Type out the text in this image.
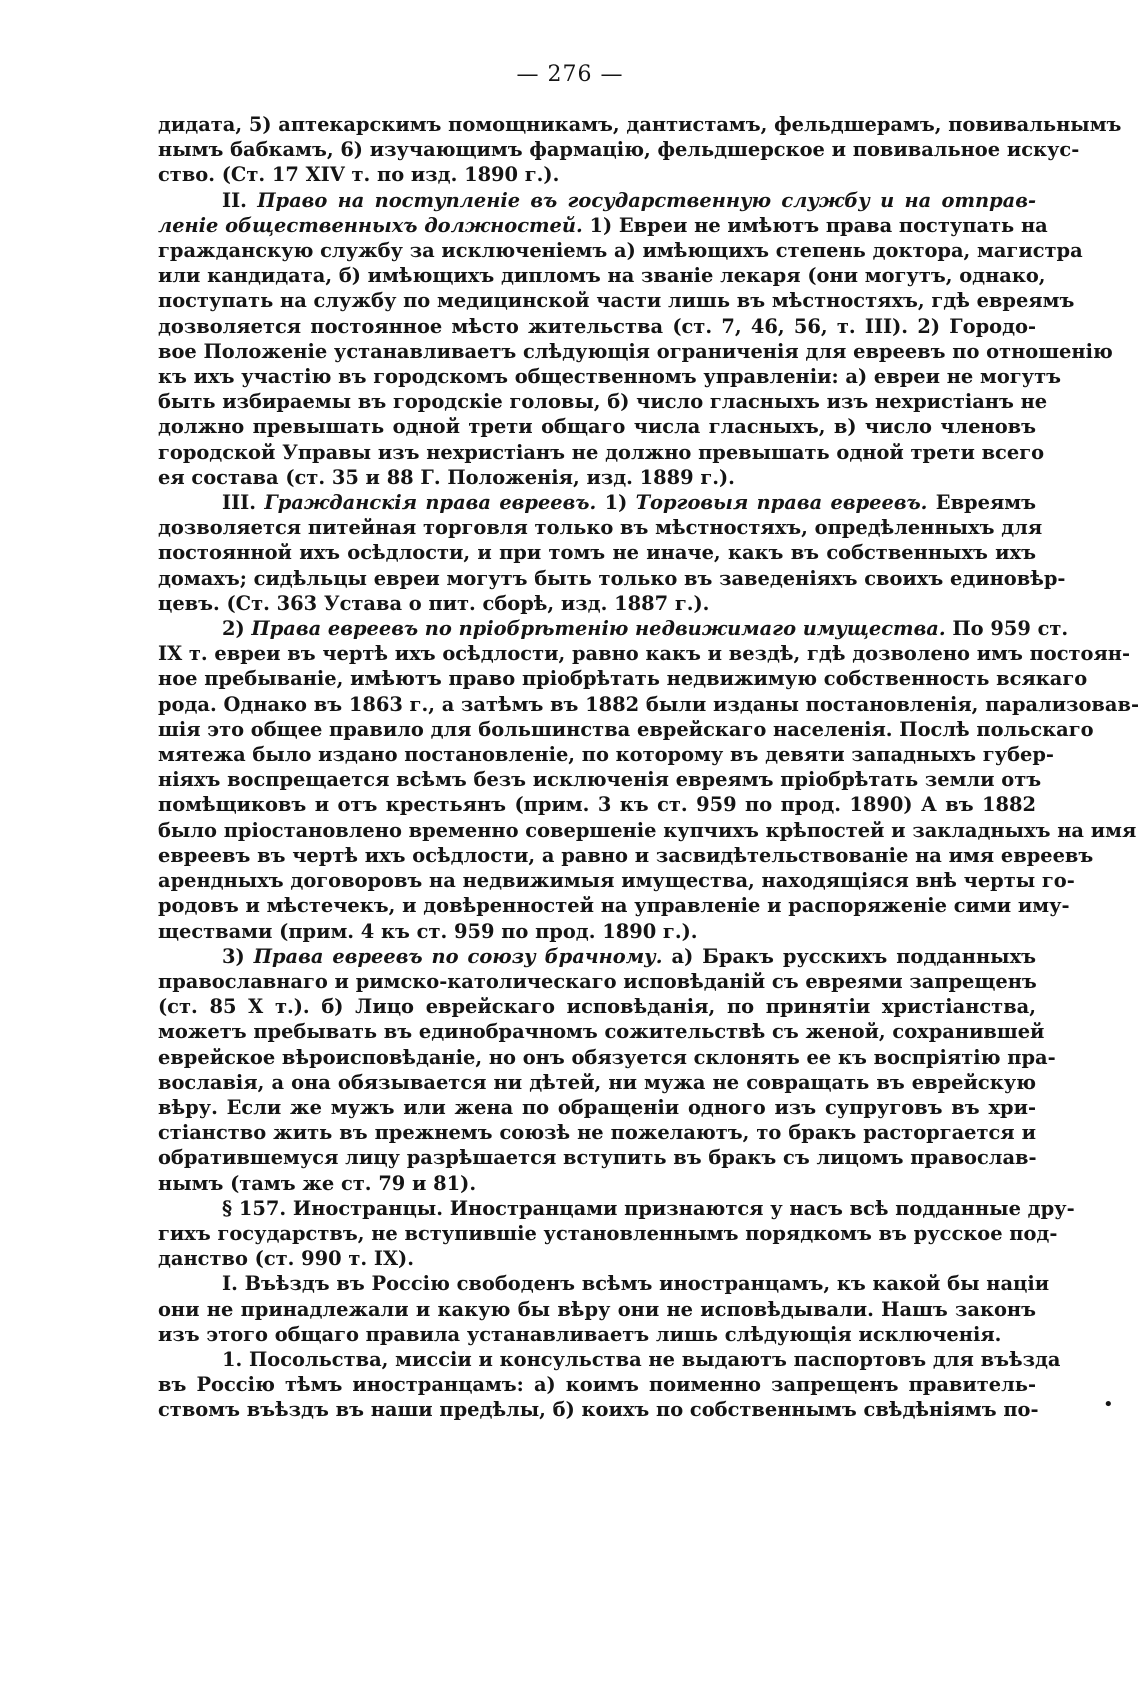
— 276 —
дидата, 5) аптекарскимъ помощникамъ, дантистамъ, фельдшерамъ, повивальнымъ
нымъ бабкамъ, 6) изучающимъ фармацію, фельдшерское и повивальное искус-
ство. (Ст. 17 XIV т. по изд. 1890 г.).
II. Право на поступленіе въ государственную службу и на отправ-
леніе общественныхъ должностей. 1) Евреи не имѣютъ права поступать на
гражданскую службу за исключеніемъ а) имѣющихъ степень доктора, магистра
или кандидата, б) имѣющихъ дипломъ на званіе лекаря (они могутъ, однако,
поступать на службу по медицинской части лишь въ мѣстностяхъ, гдѣ евреямъ
дозволяется постоянное мѣсто жительства (ст. 7, 46, 56, т. III). 2) Городо-
вое Положеніе устанавливаетъ слѣдующія ограниченія для евреевъ по отношенію
къ ихъ участію въ городскомъ общественномъ управленіи: а) евреи не могутъ
быть избираемы въ городскіе головы, б) число гласныхъ изъ нехристіанъ не
должно превышать одной трети общаго числа гласныхъ, в) число членовъ
городской Управы изъ нехристіанъ не должно превышать одной трети всего
ея состава (ст. 35 и 88 Г. Положенія, изд. 1889 г.).
III. Гражданскія права евреевъ. 1) Торговыя права евреевъ. Евреямъ
дозволяется питейная торговля только въ мѣстностяхъ, опредѣленныхъ для
постоянной ихъ осѣдлости, и при томъ не иначе, какъ въ собственныхъ ихъ
домахъ; сидѣльцы евреи могутъ быть только въ заведеніяхъ своихъ единовѣр-
цевъ. (Ст. 363 Устава о пит. сборѣ, изд. 1887 г.).
2) Права евреевъ по пріобрѣтенію недвижимаго имущества. По 959 ст.
IX т. евреи въ чертѣ ихъ осѣдлости, равно какъ и вездѣ, гдѣ дозволено имъ постоян-
ное пребываніе, имѣютъ право пріобрѣтать недвижимую собственность всякаго
рода. Однако въ 1863 г., а затѣмъ въ 1882 были изданы постановленія, парализовав-
шія это общее правило для большинства еврейскаго населенія. Послѣ польскаго
мятежа было издано постановленіе, по которому въ девяти западныхъ губер-
ніяхъ воспрещается всѣмъ безъ исключенія евреямъ пріобрѣтать земли отъ
помѣщиковъ и отъ крестьянъ (прим. 3 къ ст. 959 по прод. 1890) А въ 1882
было пріостановлено временно совершеніе купчихъ крѣпостей и закладныхъ на имя
евреевъ въ чертѣ ихъ осѣдлости, а равно и засвидѣтельствованіе на имя евреевъ
арендныхъ договоровъ на недвижимыя имущества, находящіяся внѣ черты го-
родовъ и мѣстечекъ, и довѣренностей на управленіе и распоряженіе сими иму-
ществами (прим. 4 къ ст. 959 по прод. 1890 г.).
3) Права евреевъ по союзу брачному. а) Бракъ русскихъ подданныхъ
православнаго и римско-католическаго исповѣданій съ евреями запрещенъ
(ст. 85 X т.). б) Лицо еврейскаго исповѣданія, по принятіи христіанства,
можетъ пребывать въ единобрачномъ сожительствѣ съ женой, сохранившей
еврейское вѣроисповѣданіе, но онъ обязуется склонять ее къ воспріятію пра-
вославія, а она обязывается ни дѣтей, ни мужа не совращать въ еврейскую
вѣру. Если же мужъ или жена по обращеніи одного изъ супруговъ въ хри-
стіанство жить въ прежнемъ союзѣ не пожелаютъ, то бракъ расторгается и
обратившемуся лицу разрѣшается вступить въ бракъ съ лицомъ православ-
нымъ (тамъ же ст. 79 и 81).
§ 157. Иностранцы. Иностранцами признаются у насъ всѣ подданные дру-
гихъ государствъ, не вступившіе установленнымъ порядкомъ въ русское под-
данство (ст. 990 т. IX).
I. Въѣздъ въ Россію свободенъ всѣмъ иностранцамъ, къ какой бы націи
они не принадлежали и какую бы вѣру они не исповѣдывали. Нашъ законъ
изъ этого общаго правила устанавливаетъ лишь слѣдующія исключенія.
1. Посольства, миссіи и консульства не выдаютъ паспортовъ для въѣзда
въ Россію тѣмъ иностранцамъ: а) коимъ поименно запрещенъ правитель-
ствомъ въѣздъ въ наши предѣлы, б) коихъ по собственнымъ свѣдѣніямъ по-	•
